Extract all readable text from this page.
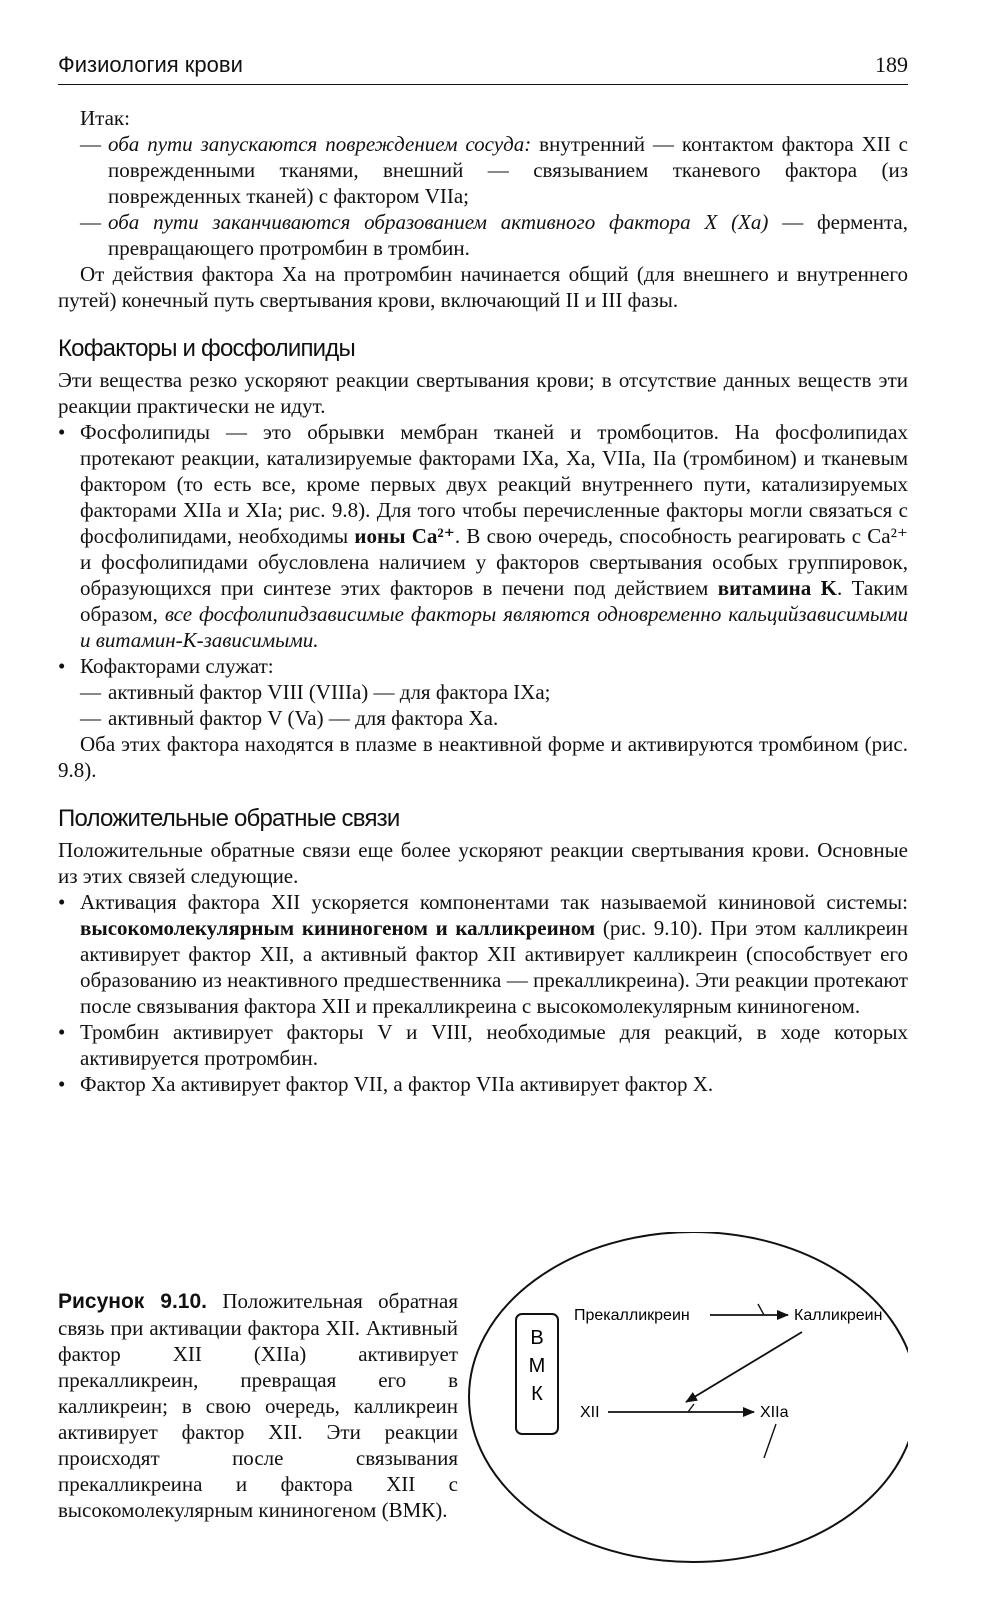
Физиология крови	189

Итак:

— оба пути запускаются повреждением сосуда: внутренний — контактом фактора XII с поврежденными тканями, внешний — связыванием тканевого фактора (из поврежденных тканей) с фактором VIIa;
— оба пути заканчиваются образованием активного фактора X (Xa) — фермента, превращающего протромбин в тромбин.

От действия фактора Xa на протромбин начинается общий (для внешнего и внутреннего путей) конечный путь свертывания крови, включающий II и III фазы.

Кофакторы и фосфолипиды

Эти вещества резко ускоряют реакции свертывания крови; в отсутствие данных веществ эти реакции практически не идут.

• Фосфолипиды — это обрывки мембран тканей и тромбоцитов. На фосфолипидах протекают реакции, катализируемые факторами IXa, Xa, VIIa, IIa (тромбином) и тканевым фактором (то есть все, кроме первых двух реакций внутреннего пути, катализируемых факторами XIIa и XIa; рис. 9.8). Для того чтобы перечисленные факторы могли связаться с фосфолипидами, необходимы ионы Ca²⁺. В свою очередь, способность реагировать с Ca²⁺ и фосфолипидами обусловлена наличием у факторов свертывания особых группировок, образующихся при синтезе этих факторов в печени под действием витамина K. Таким образом, все фосфолипидзависимые факторы являются одновременно кальцийзависимыми и витамин-K-зависимыми.
• Кофакторами служат:
— активный фактор VIII (VIIIa) — для фактора IXa;
— активный фактор V (Va) — для фактора Xa.

Оба этих фактора находятся в плазме в неактивной форме и активируются тромбином (рис. 9.8).

Положительные обратные связи

Положительные обратные связи еще более ускоряют реакции свертывания крови. Основные из этих связей следующие.

• Активация фактора XII ускоряется компонентами так называемой кининовой системы: высокомолекулярным кининогеном и калликреином (рис. 9.10). При этом калликреин активирует фактор XII, а активный фактор XII активирует калликреин (способствует его образованию из неактивного предшественника — прекалликреина). Эти реакции протекают после связывания фактора XII и прекалликреина с высокомолекулярным кининогеном.
• Тромбин активирует факторы V и VIII, необходимые для реакций, в ходе которых активируется протромбин.
• Фактор Xa активирует фактор VII, а фактор VIIa активирует фактор X.
Рисунок 9.10. Положительная обратная связь при активации фактора XII. Активный фактор XII (XIIa) активирует прекалликреин, превращая его в калликреин; в свою очередь, калликреин активирует фактор XII. Эти реакции происходят после связывания прекалликреина и фактора XII с высокомолекулярным кининогеном (ВМК).
В
М
К
Прекалликреин	Калликреин
XII	XIIa
